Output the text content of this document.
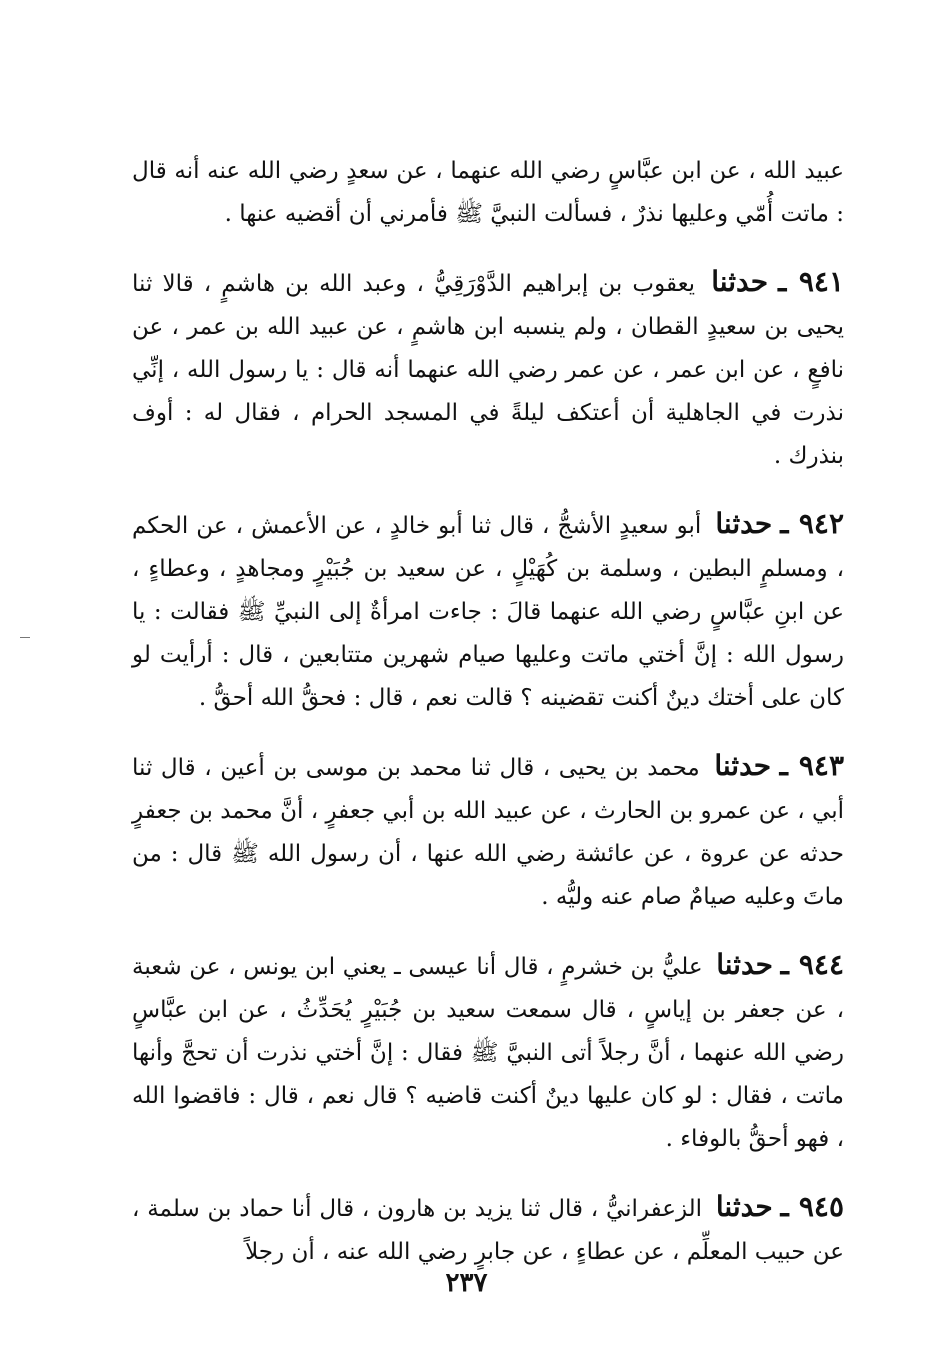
عبيد الله ، عن ابن عبَّاسٍ رضي الله عنهما ، عن سعدٍ رضي الله عنه أنه قال : ماتت أُمّي وعليها نذرٌ ، فسألت النبيَّ ﷺ فأمرني أن أقضيه عنها .

٩٤١ ـ حدثنا يعقوب بن إبراهيم الدَّوْرَقِيُّ ، وعبد الله بن هاشمٍ ، قالا ثنا يحيى بن سعيدٍ القطان ، ولم ينسبه ابن هاشمٍ ، عن عبيد الله بن عمر ، عن نافعٍ ، عن ابن عمر ، عن عمر رضي الله عنهما أنه قال : يا رسول الله ، إنِّي نذرت في الجاهلية أن أعتكف ليلةً في المسجد الحرام ، فقال له : أوف بنذرك .

٩٤٢ ـ حدثنا أبو سعيدٍ الأشجُّ ، قال ثنا أبو خالدٍ ، عن الأعمش ، عن الحكم ، ومسلمٍ البطين ، وسلمة بن كُهَيْلٍ ، عن سعيد بن جُبَيْرٍ ومجاهدٍ ، وعطاءٍ ، عن ابنِ عبَّاسٍ رضي الله عنهما قالَ : جاءت امرأةٌ إلى النبيِّ ﷺ فقالت : يا رسول الله : إنَّ أختي ماتت وعليها صيام شهرين متتابعين ، قال : أرأيت لو كان على أختك دينٌ أكنت تقضينه ؟ قالت نعم ، قال : فحقُّ الله أحقُّ .

٩٤٣ ـ حدثنا محمد بن يحيى ، قال ثنا محمد بن موسى بن أعين ، قال ثنا أبي ، عن عمرو بن الحارث ، عن عبيد الله بن أبي جعفرٍ ، أنَّ محمد بن جعفرٍ حدثه عن عروة ، عن عائشة رضي الله عنها ، أن رسول الله ﷺ قال : من ماتَ وعليه صيامٌ صام عنه وليُّه .

٩٤٤ ـ حدثنا عليُّ بن خشرمٍ ، قال أنا عيسى ـ يعني ابن يونس ، عن شعبة ، عن جعفر بن إياسٍ ، قال سمعت سعيد بن جُبَيْرٍ يُحَدِّثُ ، عن ابن عبَّاسٍ رضي الله عنهما ، أنَّ رجلاً أتى النبيَّ ﷺ فقال : إنَّ أختي نذرت أن تحجَّ وأنها ماتت ، فقال : لو كان عليها دينٌ أكنت قاضيه ؟ قال نعم ، قال : فاقضوا الله ، فهو أحقُّ بالوفاء .

٩٤٥ ـ حدثنا الزعفرانيُّ ، قال ثنا يزيد بن هارون ، قال أنا حماد بن سلمة ، عن حبيب المعلِّم ، عن عطاءٍ ، عن جابرٍ رضي الله عنه ، أن رجلاً

٢٣٧
